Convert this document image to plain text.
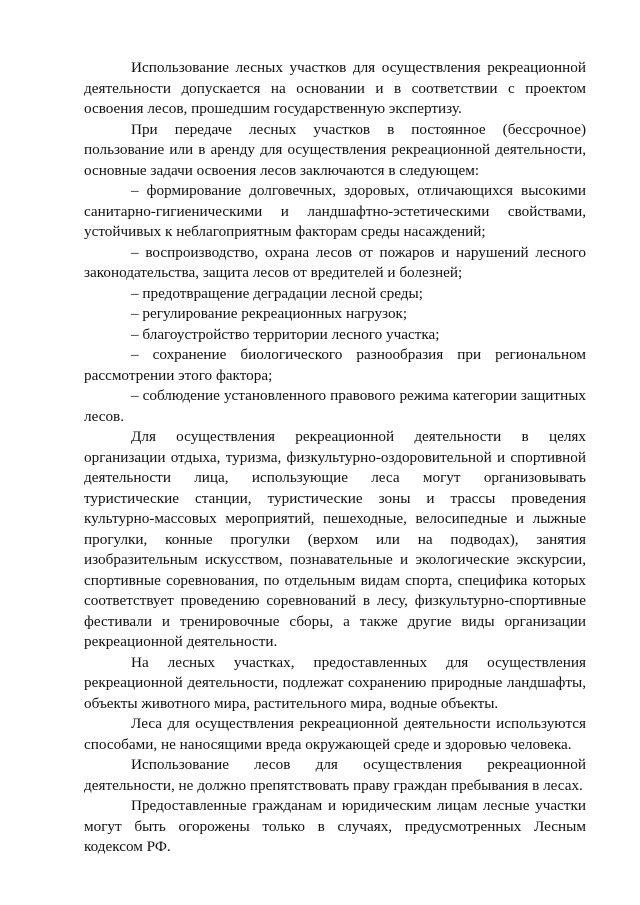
Использование лесных участков для осуществления рекреационной деятельности допускается на основании и в соответствии с проектом освоения лесов, прошедшим государственную экспертизу.

При передаче лесных участков в постоянное (бессрочное) пользование или в аренду для осуществления рекреационной деятельности, основные задачи освоения лесов заключаются в следующем:

– формирование долговечных, здоровых, отличающихся высокими санитарно-гигиеническими и ландшафтно-эстетическими свойствами, устойчивых к неблагоприятным факторам среды насаждений;

– воспроизводство, охрана лесов от пожаров и нарушений лесного законодательства, защита лесов от вредителей и болезней;

– предотвращение деградации лесной среды;

– регулирование рекреационных нагрузок;

– благоустройство территории лесного участка;

– сохранение биологического разнообразия при региональном рассмотрении этого фактора;

– соблюдение установленного правового режима категории защитных лесов.

Для осуществления рекреационной деятельности в целях организации отдыха, туризма, физкультурно-оздоровительной и спортивной деятельности лица, использующие леса могут организовывать туристические станции, туристические зоны и трассы проведения культурно-массовых мероприятий, пешеходные, велосипедные и лыжные прогулки, конные прогулки (верхом или на подводах), занятия изобразительным искусством, познавательные и экологические экскурсии, спортивные соревнования, по отдельным видам спорта, специфика которых соответствует проведению соревнований в лесу, физкультурно-спортивные фестивали и тренировочные сборы, а также другие виды организации рекреационной деятельности.

На лесных участках, предоставленных для осуществления рекреационной деятельности, подлежат сохранению природные ландшафты, объекты животного мира, растительного мира, водные объекты.

Леса для осуществления рекреационной деятельности используются способами, не наносящими вреда окружающей среде и здоровью человека.

Использование лесов для осуществления рекреационной деятельности, не должно препятствовать праву граждан пребывания в лесах.

Предоставленные гражданам и юридическим лицам лесные участки могут быть огорожены только в случаях, предусмотренных Лесным кодексом РФ.
